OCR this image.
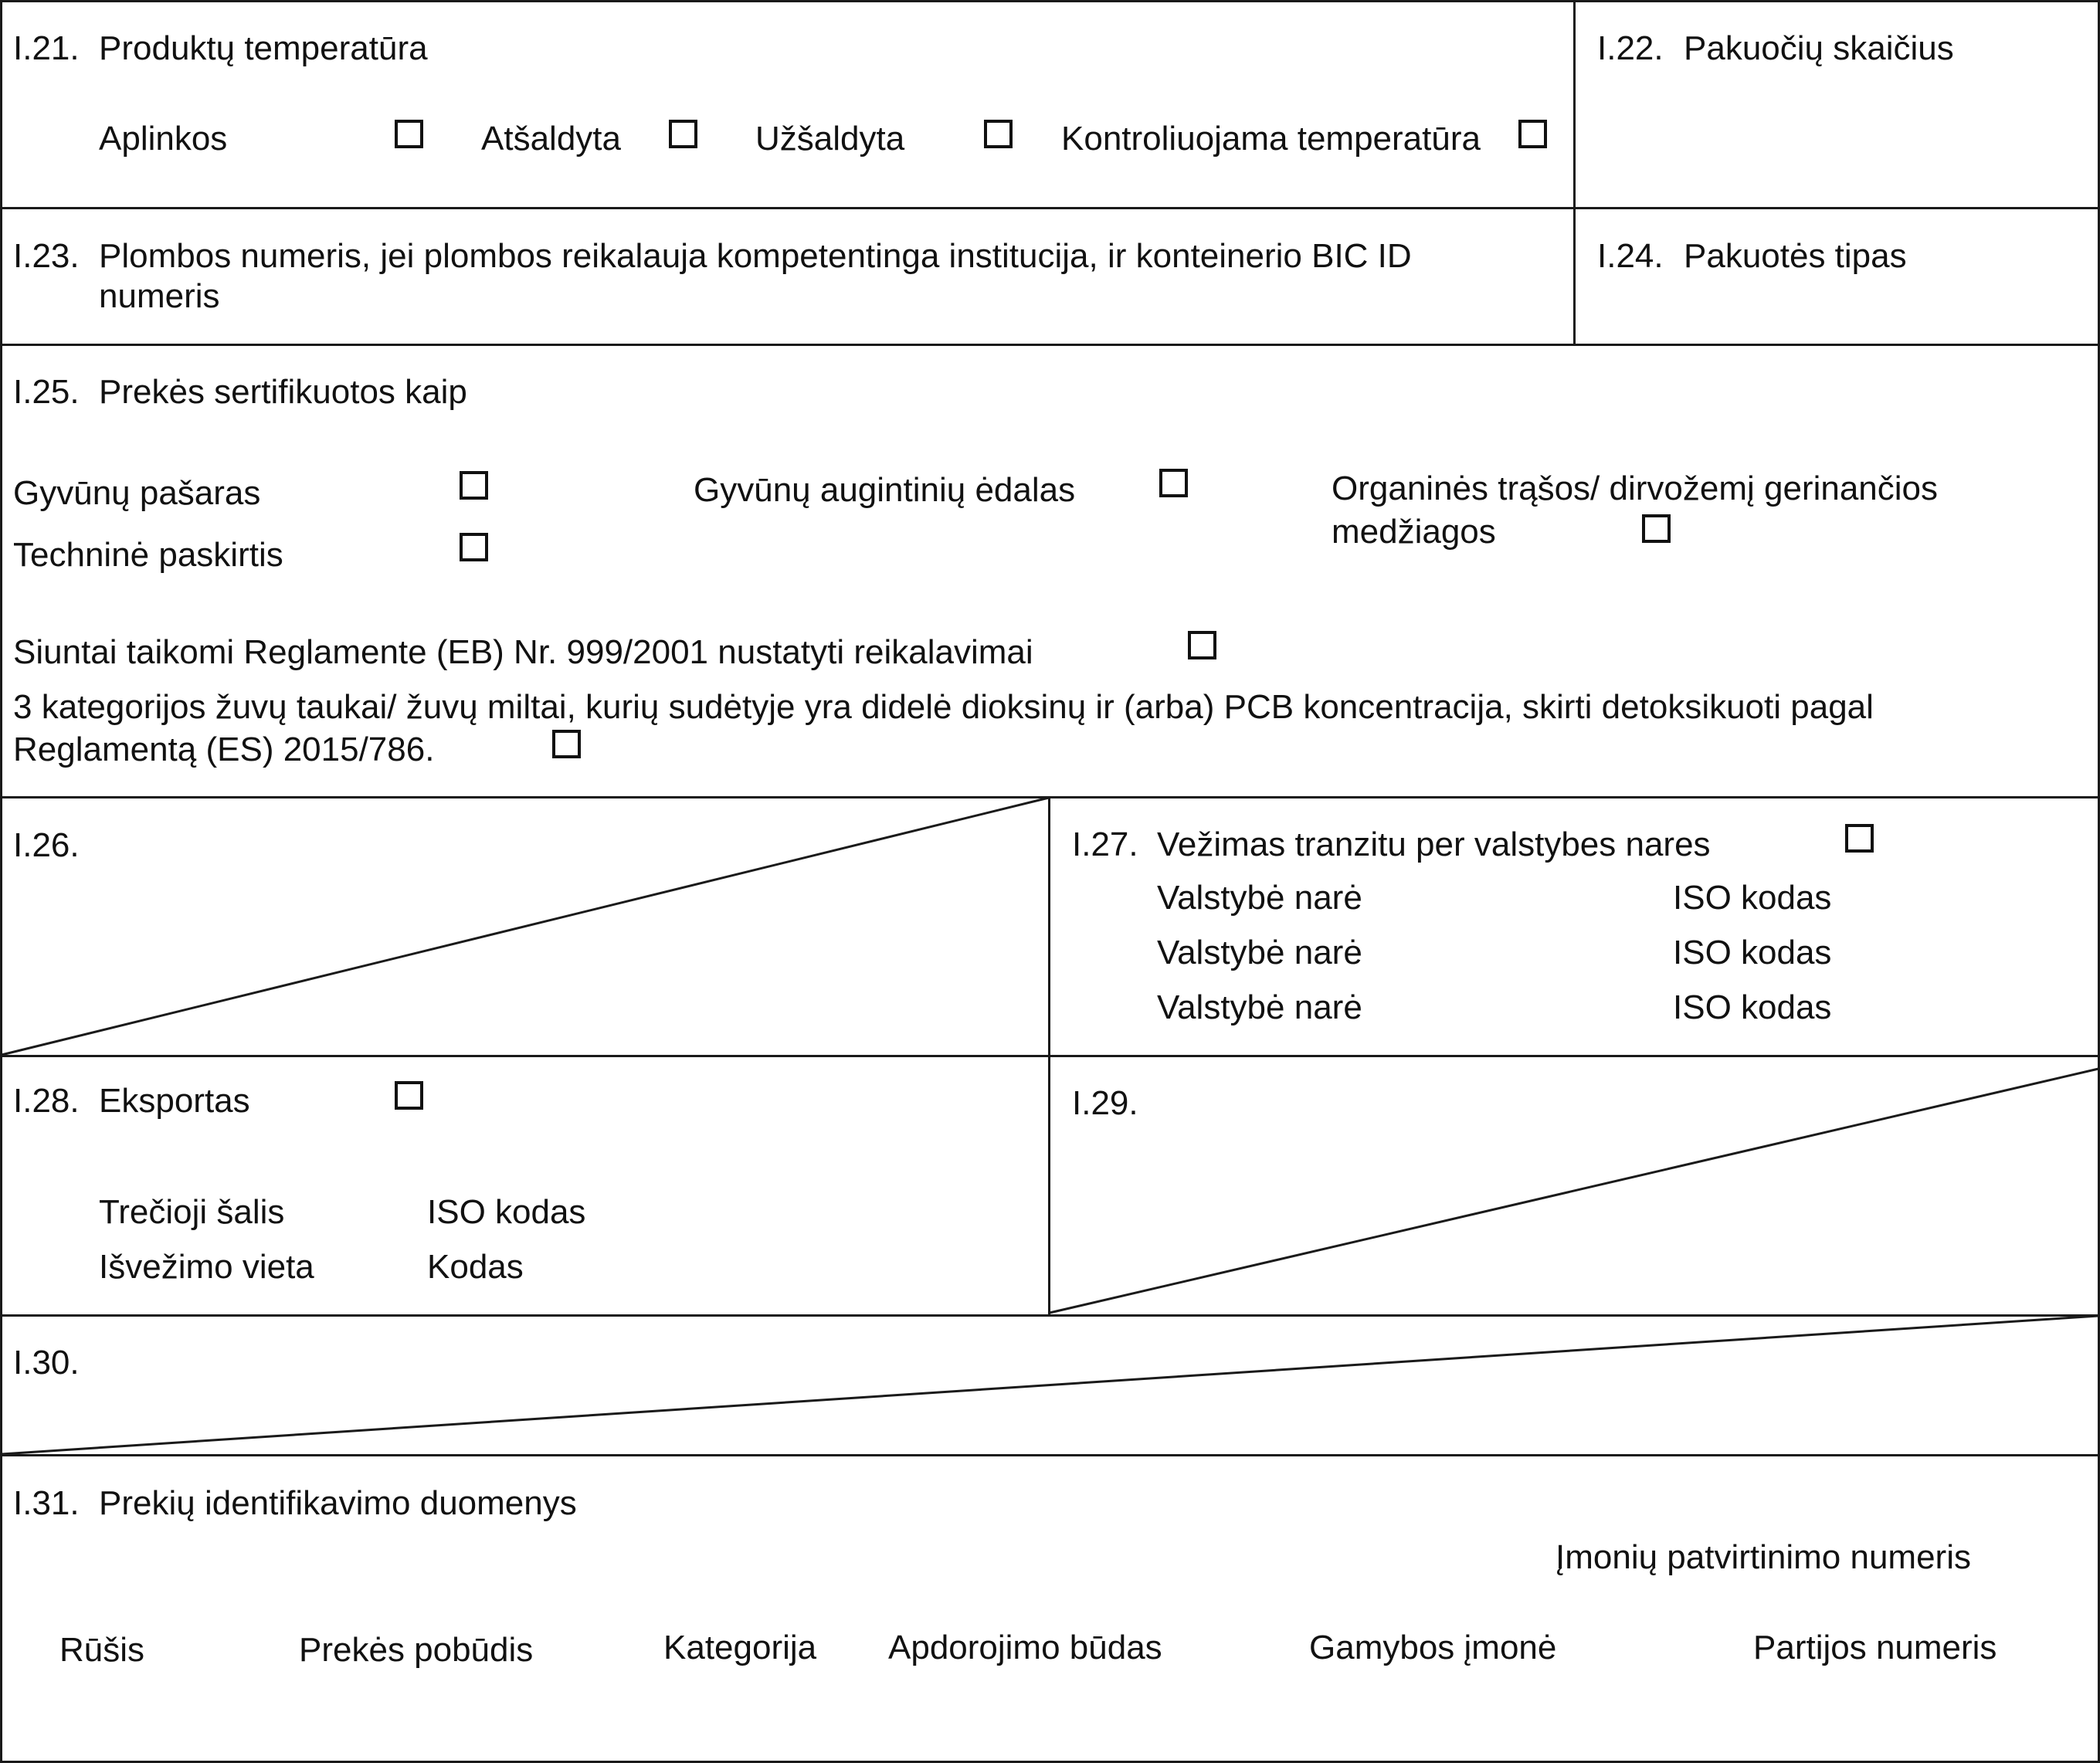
I.21. Produktų temperatūra
Aplinkos	Atšaldyta	Užšaldyta	Kontroliuojama temperatūra
I.22. Pakuočių skaičius
I.23. Plombos numeris, jei plombos reikalauja kompetentinga institucija, ir konteinerio BIC ID
numeris
I.24. Pakuotės tipas
I.25. Prekės sertifikuotos kaip
Gyvūnų pašaras	Gyvūnų augintinių ėdalas	Organinės trąšos/ dirvožemį gerinančios
medžiagos
Techninė paskirtis
Siuntai taikomi Reglamente (EB) Nr. 999/2001 nustatyti reikalavimai
3 kategorijos žuvų taukai/ žuvų miltai, kurių sudėtyje yra didelė dioksinų ir (arba) PCB koncentracija, skirti detoksikuoti pagal
Reglamentą (ES) 2015/786.
I.26.	I.27. Vežimas tranzitu per valstybes nares
Valstybė narė	ISO kodas
Valstybė narė	ISO kodas
Valstybė narė	ISO kodas
I.28. Eksportas
Trečioji šalis	ISO kodas
Išvežimo vieta	Kodas
I.29.
I.30.
I.31. Prekių identifikavimo duomenys
Įmonių patvirtinimo numeris
Rūšis	Prekės pobūdis	Kategorija Apdorojimo būdas	Gamybos įmonė	Partijos numeris
